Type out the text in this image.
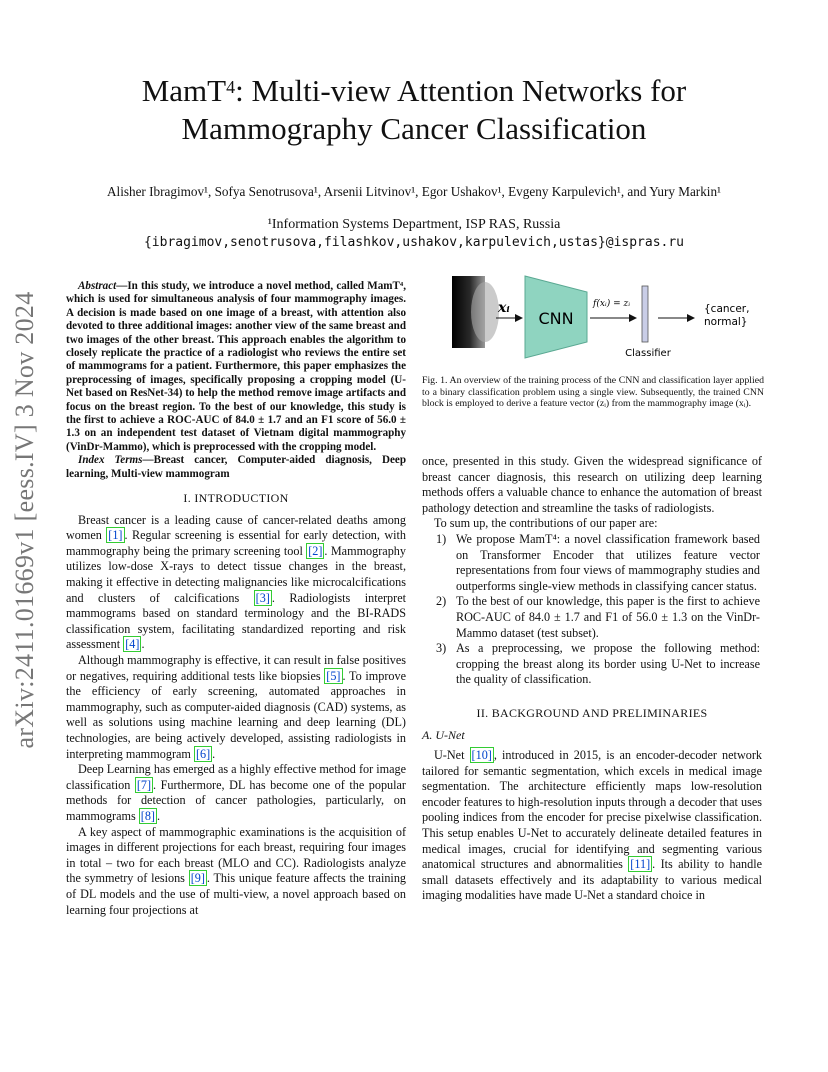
arXiv:2411.01669v1 [eess.IV] 3 Nov 2024
MamT$^4$: Multi-view Attention Networks for
Mammography Cancer Classification
Alisher Ibragimov¹, Sofya Senotrusova¹, Arsenii Litvinov¹, Egor Ushakov¹, Evgeny Karpulevich¹, and Yury Markin¹
¹Information Systems Department, ISP RAS, Russia
{ibragimov,senotrusova,filashkov,ushakov,karpulevich,ustas}@ispras.ru
Abstract—In this study, we introduce a novel method, called MamT⁴, which is used for simultaneous analysis of four mammography images. A decision is made based on one image of a breast, with attention also devoted to three additional images: another view of the same breast and two images of the other breast. This approach enables the algorithm to closely replicate the practice of a radiologist who reviews the entire set of mammograms for a patient. Furthermore, this paper emphasizes the preprocessing of images, specifically proposing a cropping model (U-Net based on ResNet-34) to help the method remove image artifacts and focus on the breast region. To the best of our knowledge, this study is the first to achieve a ROC-AUC of 84.0 ± 1.7 and an F1 score of 56.0 ± 1.3 on an independent test dataset of Vietnam digital mammography (VinDr-Mammo), which is preprocessed with the cropping model.
Index Terms—Breast cancer, Computer-aided diagnosis, Deep learning, Multi-view mammogram
I. INTRODUCTION

Breast cancer is a leading cause of cancer-related deaths among women [1] . Regular screening is essential for early detection, with mammography being the primary screening tool [2] . Mammography utilizes low-dose X-rays to detect tissue changes in the breast, making it effective in detecting malignancies like microcalcifications and clusters of calcifications [3] . Radiologists interpret mammograms based on standard terminology and the BI-RADS classification system, facilitating standardized reporting and risk assessment [4] .

Although mammography is effective, it can result in false positives or negatives, requiring additional tests like biopsies [5] . To improve the efficiency of early screening, automated approaches in mammography, such as computer-aided diagnosis (CAD) systems, as well as solutions using machine learning and deep learning (DL) technologies, are being actively developed, assisting radiologists in interpreting mammogram [6] .

Deep Learning has emerged as a highly effective method for image classification [7] . Furthermore, DL has become one of the popular methods for detection of cancer pathologies, particularly, on mammograms [8] .

A key aspect of mammographic examinations is the acquisition of images in different projections for each breast, requiring four images in total – two for each breast (MLO and CC). Radiologists analyze the symmetry of lesions [9] . This unique feature affects the training of DL models and the use of multi-view, a novel approach based on learning four projections at

xᵢ
CNN
f(xᵢ) = zᵢ
Classifier
{cancer,
normal}
Fig. 1. An overview of the training process of the CNN and classification layer applied to a binary classification problem using a single view. Subsequently, the trained CNN block is employed to derive a feature vector (zᵢ) from the mammography image (xᵢ).

once, presented in this study. Given the widespread significance of breast cancer diagnosis, this research on utilizing deep learning methods offers a valuable chance to enhance the automation of breast pathology detection and streamline the tasks of radiologists.

To sum up, the contributions of our paper are:

1) We propose MamT⁴: a novel classification framework based on Transformer Encoder that utilizes feature vector representations from four views of mammography studies and outperforms single-view methods in classifying cancer status.
2) To the best of our knowledge, this paper is the first to achieve ROC-AUC of 84.0 ± 1.7 and F1 of 56.0 ± 1.3 on the VinDr-Mammo dataset (test subset).
3) As a preprocessing, we propose the following method: cropping the breast along its border using U-Net to increase the quality of classification.
II. BACKGROUND AND PRELIMINARIES
A. U-Net

U-Net [10] , introduced in 2015, is an encoder-decoder network tailored for semantic segmentation, which excels in medical image segmentation. The architecture efficiently maps low-resolution encoder features to high-resolution inputs through a decoder that uses pooling indices from the encoder for precise pixelwise classification. This setup enables U-Net to accurately delineate detailed features in medical images, crucial for identifying and segmenting various anatomical structures and abnormalities [11] . Its ability to handle small datasets effectively and its adaptability to various medical imaging modalities have made U-Net a standard choice in
